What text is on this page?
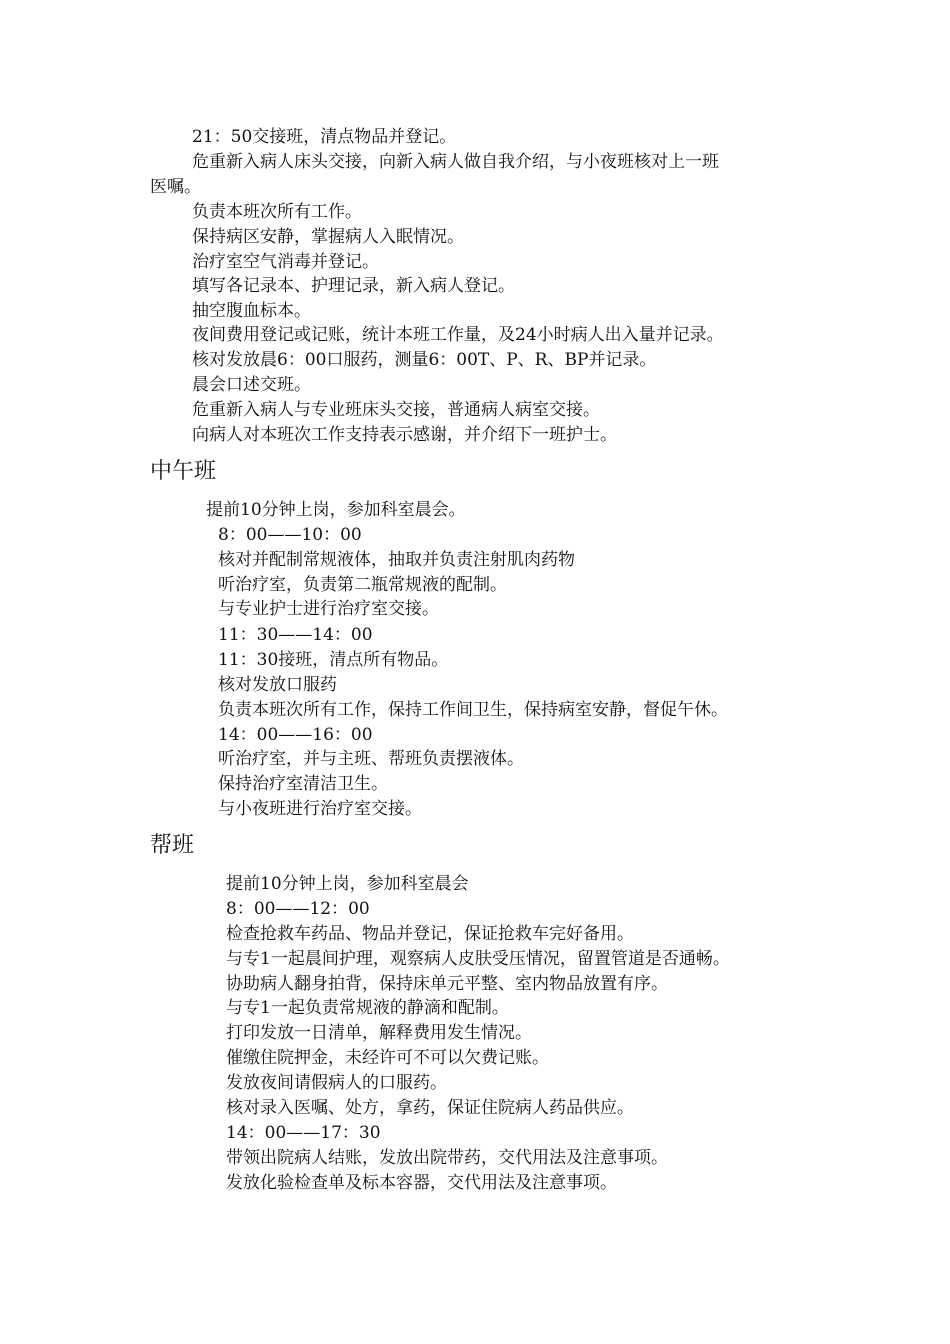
21：50交接班，清点物品并登记。
危重新入病人床头交接，向新入病人做自我介绍，与小夜班核对上一班
医嘱。
负责本班次所有工作。
保持病区安静，掌握病人入眠情况。
治疗室空气消毒并登记。
填写各记录本、护理记录，新入病人登记。
抽空腹血标本。
夜间费用登记或记账，统计本班工作量，及24小时病人出入量并记录。
核对发放晨6：00口服药，测量6：00T、P、R、BP并记录。
晨会口述交班。
危重新入病人与专业班床头交接，普通病人病室交接。
向病人对本班次工作支持表示感谢，并介绍下一班护士。
中午班
提前10分钟上岗，参加科室晨会。
8：00——10：00
核对并配制常规液体，抽取并负责注射肌肉药物
听治疗室，负责第二瓶常规液的配制。
与专业护士进行治疗室交接。
11：30——14：00
11：30接班，清点所有物品。
核对发放口服药
负责本班次所有工作，保持工作间卫生，保持病室安静，督促午休。
14：00——16：00
听治疗室，并与主班、帮班负责摆液体。
保持治疗室清洁卫生。
与小夜班进行治疗室交接。
帮班
提前10分钟上岗，参加科室晨会
8：00——12：00
检查抢救车药品、物品并登记，保证抢救车完好备用。
与专1一起晨间护理，观察病人皮肤受压情况，留置管道是否通畅。
协助病人翻身拍背，保持床单元平整、室内物品放置有序。
与专1一起负责常规液的静滴和配制。
打印发放一日清单，解释费用发生情况。
催缴住院押金，未经许可不可以欠费记账。
发放夜间请假病人的口服药。
核对录入医嘱、处方，拿药，保证住院病人药品供应。
14：00——17：30
带领出院病人结账，发放出院带药，交代用法及注意事项。
发放化验检查单及标本容器，交代用法及注意事项。
